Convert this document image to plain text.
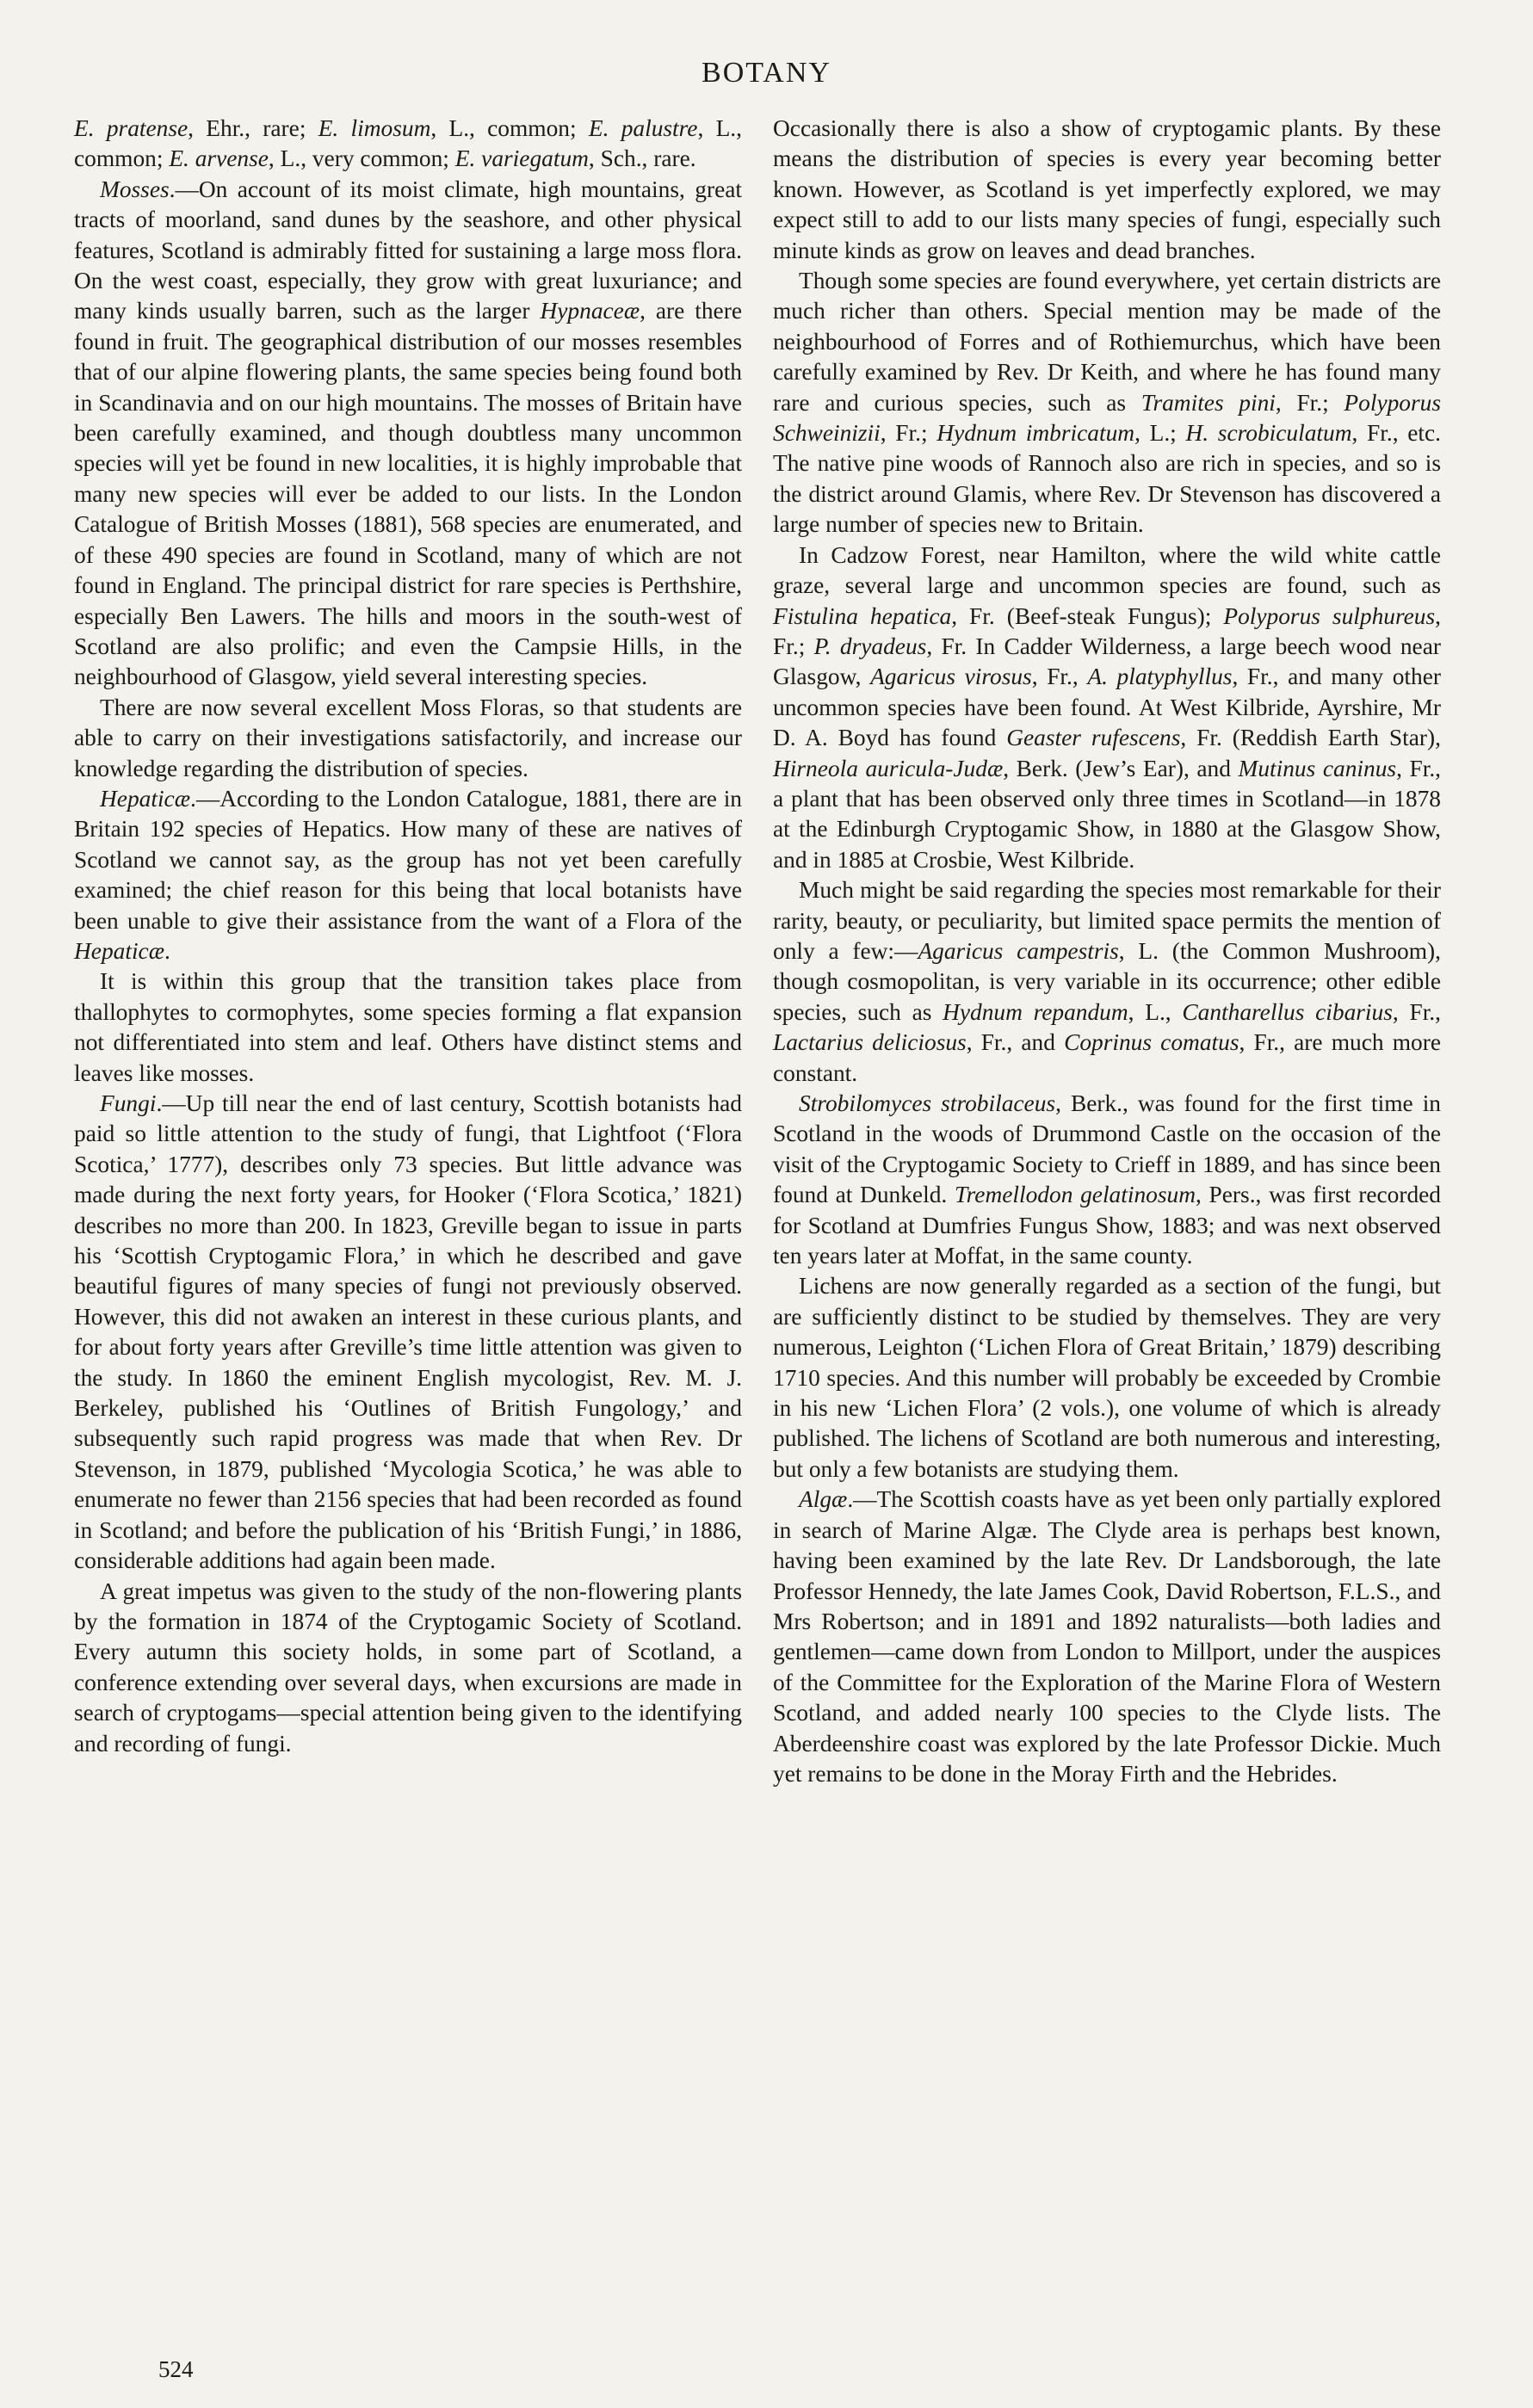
BOTANY

E. pratense, Ehr., rare; E. limosum, L., common; E. palustre, L., common; E. arvense, L., very common; E. variegatum, Sch., rare.

Mosses.—On account of its moist climate, high mountains, great tracts of moorland, sand dunes by the seashore, and other physical features, Scotland is admirably fitted for sustaining a large moss flora. On the west coast, especially, they grow with great luxuriance; and many kinds usually barren, such as the larger Hypnaceæ, are there found in fruit. The geographical distribution of our mosses resembles that of our alpine flowering plants, the same species being found both in Scandinavia and on our high mountains. The mosses of Britain have been carefully examined, and though doubtless many uncommon species will yet be found in new localities, it is highly improbable that many new species will ever be added to our lists. In the London Catalogue of British Mosses (1881), 568 species are enumerated, and of these 490 species are found in Scotland, many of which are not found in England. The principal district for rare species is Perthshire, especially Ben Lawers. The hills and moors in the south-west of Scotland are also prolific; and even the Campsie Hills, in the neighbourhood of Glasgow, yield several interesting species.

There are now several excellent Moss Floras, so that students are able to carry on their investigations satisfactorily, and increase our knowledge regarding the distribution of species.

Hepaticæ.—According to the London Catalogue, 1881, there are in Britain 192 species of Hepatics. How many of these are natives of Scotland we cannot say, as the group has not yet been carefully examined; the chief reason for this being that local botanists have been unable to give their assistance from the want of a Flora of the Hepaticæ.

It is within this group that the transition takes place from thallophytes to cormophytes, some species forming a flat expansion not differentiated into stem and leaf. Others have distinct stems and leaves like mosses.

Fungi.—Up till near the end of last century, Scottish botanists had paid so little attention to the study of fungi, that Lightfoot (‘Flora Scotica,’ 1777), describes only 73 species. But little advance was made during the next forty years, for Hooker (‘Flora Scotica,’ 1821) describes no more than 200. In 1823, Greville began to issue in parts his ‘Scottish Cryptogamic Flora,’ in which he described and gave beautiful figures of many species of fungi not previously observed. However, this did not awaken an interest in these curious plants, and for about forty years after Greville’s time little attention was given to the study. In 1860 the eminent English mycologist, Rev. M. J. Berkeley, published his ‘Outlines of British Fungology,’ and subsequently such rapid progress was made that when Rev. Dr Stevenson, in 1879, published ‘Mycologia Scotica,’ he was able to enumerate no fewer than 2156 species that had been recorded as found in Scotland; and before the publication of his ‘British Fungi,’ in 1886, considerable additions had again been made.

A great impetus was given to the study of the non-flowering plants by the formation in 1874 of the Cryptogamic Society of Scotland. Every autumn this society holds, in some part of Scotland, a conference extending over several days, when excursions are made in search of cryptogams—special attention being given to the identifying and recording of fungi.

Occasionally there is also a show of cryptogamic plants. By these means the distribution of species is every year becoming better known. However, as Scotland is yet imperfectly explored, we may expect still to add to our lists many species of fungi, especially such minute kinds as grow on leaves and dead branches.

Though some species are found everywhere, yet certain districts are much richer than others. Special mention may be made of the neighbourhood of Forres and of Rothiemurchus, which have been carefully examined by Rev. Dr Keith, and where he has found many rare and curious species, such as Tramites pini, Fr.; Polyporus Schweinizii, Fr.; Hydnum imbricatum, L.; H. scrobiculatum, Fr., etc. The native pine woods of Rannoch also are rich in species, and so is the district around Glamis, where Rev. Dr Stevenson has discovered a large number of species new to Britain.

In Cadzow Forest, near Hamilton, where the wild white cattle graze, several large and uncommon species are found, such as Fistulina hepatica, Fr. (Beef-steak Fungus); Polyporus sulphureus, Fr.; P. dryadeus, Fr. In Cadder Wilderness, a large beech wood near Glasgow, Agaricus virosus, Fr., A. platyphyllus, Fr., and many other uncommon species have been found. At West Kilbride, Ayrshire, Mr D. A. Boyd has found Geaster rufescens, Fr. (Reddish Earth Star), Hirneola auricula-Judæ, Berk. (Jew’s Ear), and Mutinus caninus, Fr., a plant that has been observed only three times in Scotland—in 1878 at the Edinburgh Cryptogamic Show, in 1880 at the Glasgow Show, and in 1885 at Crosbie, West Kilbride.

Much might be said regarding the species most remarkable for their rarity, beauty, or peculiarity, but limited space permits the mention of only a few:—Agaricus campestris, L. (the Common Mushroom), though cosmopolitan, is very variable in its occurrence; other edible species, such as Hydnum repandum, L., Cantharellus cibarius, Fr., Lactarius deliciosus, Fr., and Coprinus comatus, Fr., are much more constant.

Strobilomyces strobilaceus, Berk., was found for the first time in Scotland in the woods of Drummond Castle on the occasion of the visit of the Cryptogamic Society to Crieff in 1889, and has since been found at Dunkeld. Tremellodon gelatinosum, Pers., was first recorded for Scotland at Dumfries Fungus Show, 1883; and was next observed ten years later at Moffat, in the same county.

Lichens are now generally regarded as a section of the fungi, but are sufficiently distinct to be studied by themselves. They are very numerous, Leighton (‘Lichen Flora of Great Britain,’ 1879) describing 1710 species. And this number will probably be exceeded by Crombie in his new ‘Lichen Flora’ (2 vols.), one volume of which is already published. The lichens of Scotland are both numerous and interesting, but only a few botanists are studying them.

Algæ.—The Scottish coasts have as yet been only partially explored in search of Marine Algæ. The Clyde area is perhaps best known, having been examined by the late Rev. Dr Landsborough, the late Professor Hennedy, the late James Cook, David Robertson, F.L.S., and Mrs Robertson; and in 1891 and 1892 naturalists—both ladies and gentlemen—came down from London to Millport, under the auspices of the Committee for the Exploration of the Marine Flora of Western Scotland, and added nearly 100 species to the Clyde lists. The Aberdeenshire coast was explored by the late Professor Dickie. Much yet remains to be done in the Moray Firth and the Hebrides.

524
